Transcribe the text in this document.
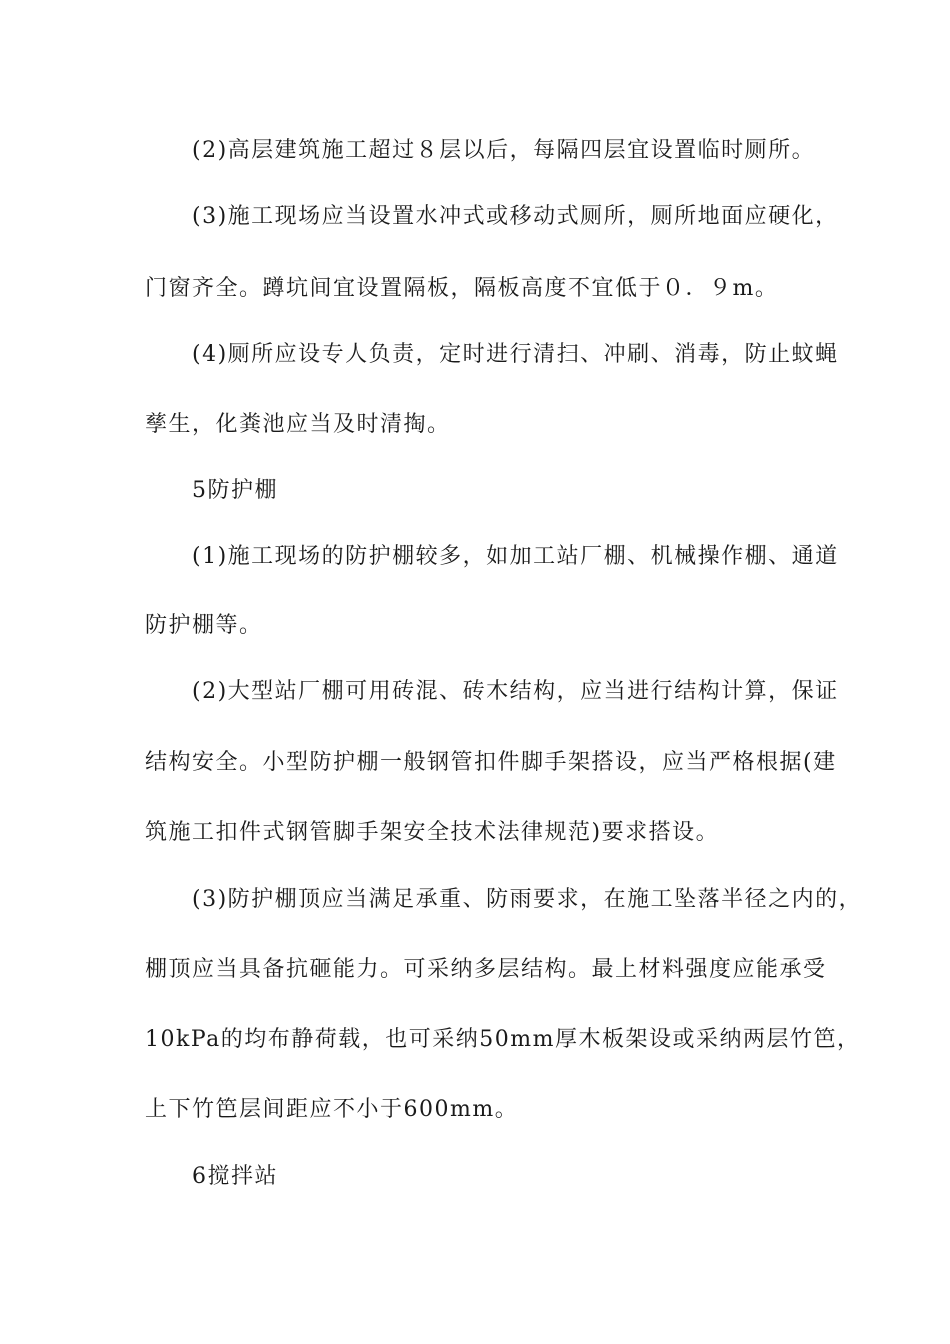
(2)高层建筑施工超过８层以后，每隔四层宜设置临时厕所。
(3)施工现场应当设置水冲式或移动式厕所，厕所地面应硬化，
门窗齐全。蹲坑间宜设置隔板，隔板高度不宜低于０．９m。
(4)厕所应设专人负责，定时进行清扫、冲刷、消毒，防止蚊蝇
孳生，化粪池应当及时清掏。
5防护棚
(1)施工现场的防护棚较多，如加工站厂棚、机械操作棚、通道
防护棚等。
(2)大型站厂棚可用砖混、砖木结构，应当进行结构计算，保证
结构安全。小型防护棚一般钢管扣件脚手架搭设，应当严格根据(建
筑施工扣件式钢管脚手架安全技术法律规范)要求搭设。
(3)防护棚顶应当满足承重、防雨要求，在施工坠落半径之内的，
棚顶应当具备抗砸能力。可采纳多层结构。最上材料强度应能承受
10kPa的均布静荷载，也可采纳50mm厚木板架设或采纳两层竹笆，
上下竹笆层间距应不小于600mm。
6搅拌站
